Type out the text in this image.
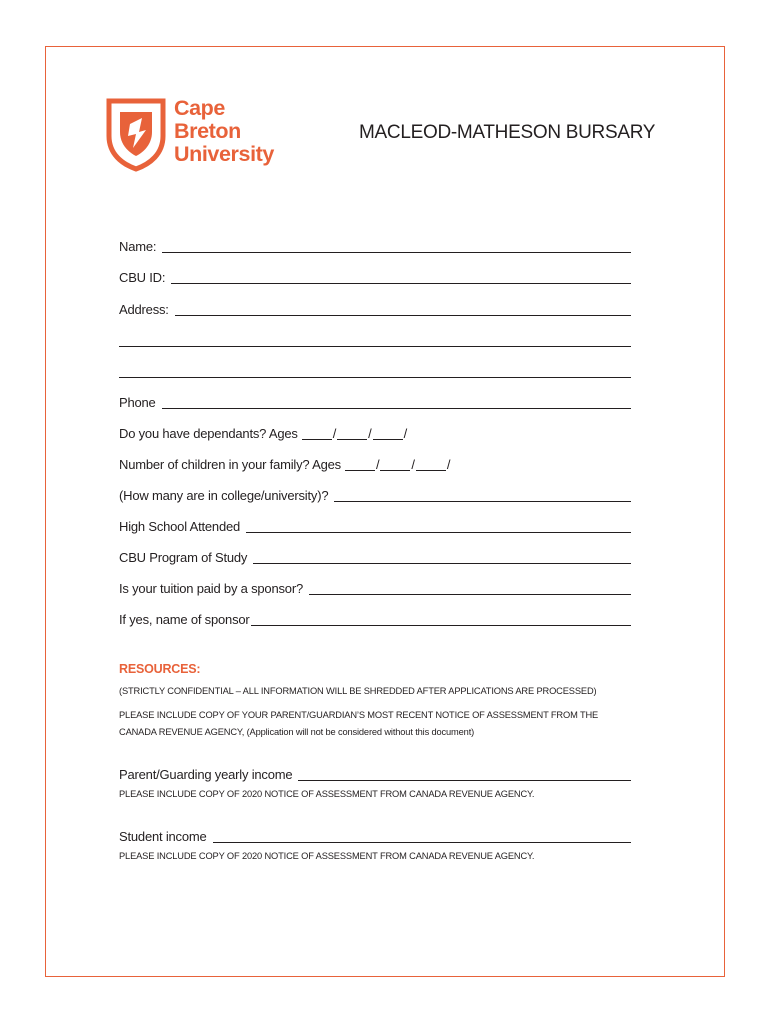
Cape
Breton
University
MACLEOD-MATHESON BURSARY
Name:
CBU ID:
Address:
Phone
Do you have dependants? Ages	/ / /
Number of children in your family? Ages	/ / /
(How many are in college/university)?
High School Attended
CBU Program of Study
Is your tuition paid by a sponsor?
If yes, name of sponsor
RESOURCES:
(STRICTLY CONFIDENTIAL – ALL INFORMATION WILL BE SHREDDED AFTER APPLICATIONS ARE PROCESSED)
PLEASE INCLUDE COPY OF YOUR PARENT/GUARDIAN’S MOST RECENT NOTICE OF ASSESSMENT FROM THE
CANADA REVENUE AGENCY, (Application will not be considered without this document)
Parent/Guarding yearly income
PLEASE INCLUDE COPY OF 2020 NOTICE OF ASSESSMENT FROM CANADA REVENUE AGENCY.
Student income
PLEASE INCLUDE COPY OF 2020 NOTICE OF ASSESSMENT FROM CANADA REVENUE AGENCY.
